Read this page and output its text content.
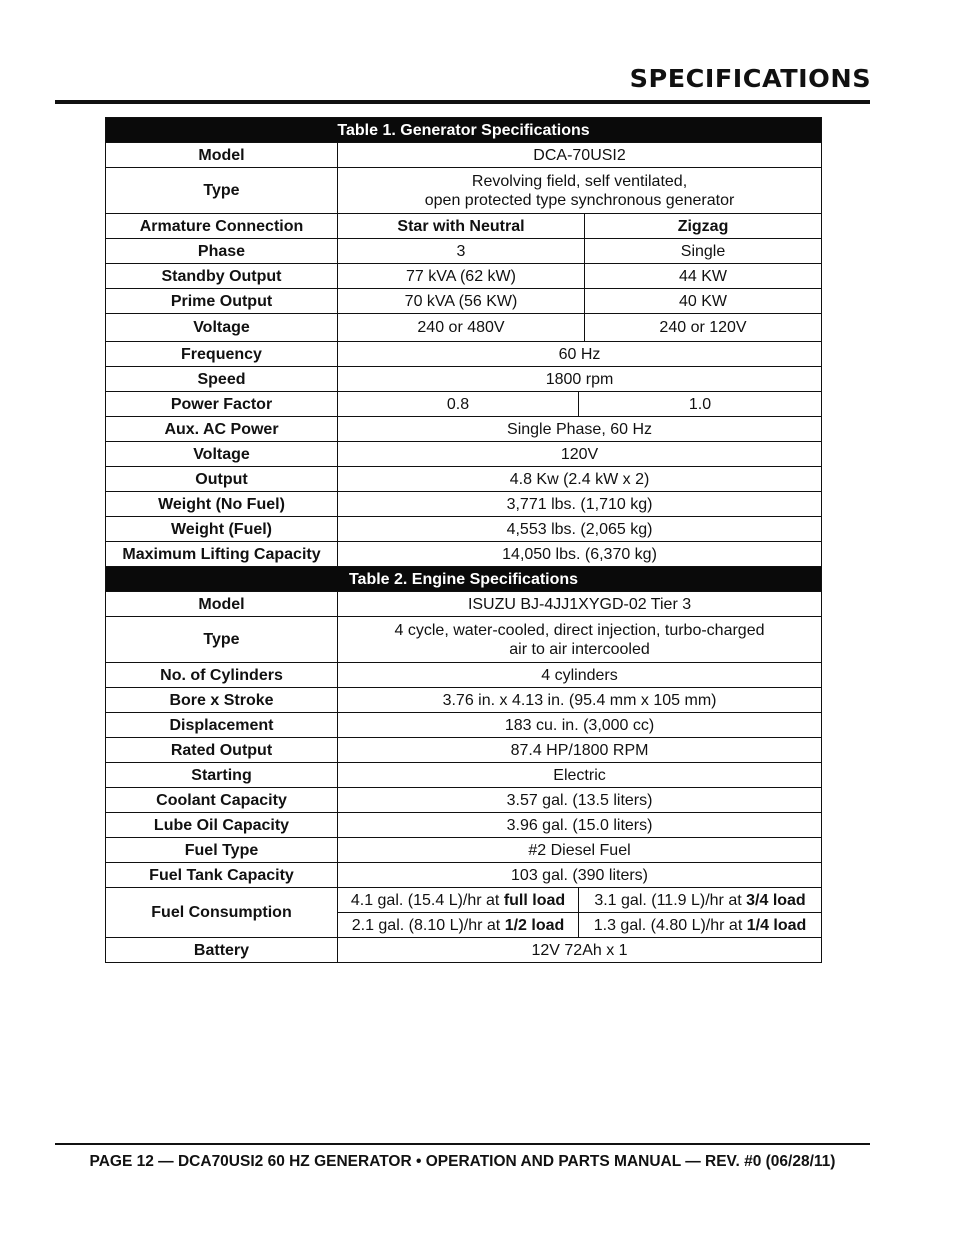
SPECIFICATIONS
Table 1. Generator Specifications			
Model	DCA-70USI2		
Type	Revolving field, self ventilated,
open protected type synchronous generator		
Armature Connection	Star with Neutral		Zigzag
Phase	3		Single
Standby Output	77 kVA (62 kW)		44 KW
Prime Output	70 kVA (56 KW)		40 KW
Voltage	240 or 480V		240 or 120V
Frequency	60 Hz		
Speed	1800 rpm		
Power Factor	0.8	1.0	
Aux. AC Power	Single Phase, 60 Hz		
Voltage	120V		
Output	4.8 Kw (2.4 kW x 2)		
Weight (No Fuel)	3,771 lbs. (1,710 kg)		
Weight (Fuel)	4,553 lbs. (2,065 kg)		
Maximum Lifting Capacity	14,050 lbs. (6,370 kg)		
Table 2. Engine Specifications			
Model	ISUZU BJ-4JJ1XYGD-02 Tier 3		
Type	4 cycle, water-cooled, direct injection, turbo-charged
air to air intercooled		
No. of Cylinders	4 cylinders		
Bore x Stroke	3.76 in. x 4.13 in. (95.4 mm x 105 mm)		
Displacement	183 cu. in. (3,000 cc)		
Rated Output	87.4 HP/1800 RPM		
Starting	Electric		
Coolant Capacity	3.57 gal. (13.5 liters)		
Lube Oil Capacity	3.96 gal. (15.0 liters)		
Fuel Type	#2 Diesel Fuel		
Fuel Tank Capacity	103 gal. (390 liters)		
Fuel Consumption	4.1 gal. (15.4 L)/hr at full load	3.1 gal. (11.9 L)/hr at 3/4 load	
	2.1 gal. (8.10 L)/hr at 1/2 load	1.3 gal. (4.80 L)/hr at 1/4 load	
Battery	12V 72Ah x 1		
PAGE 12 — DCA70USI2 60 HZ GENERATOR • OPERATION AND PARTS MANUAL — REV. #0 (06/28/11)
